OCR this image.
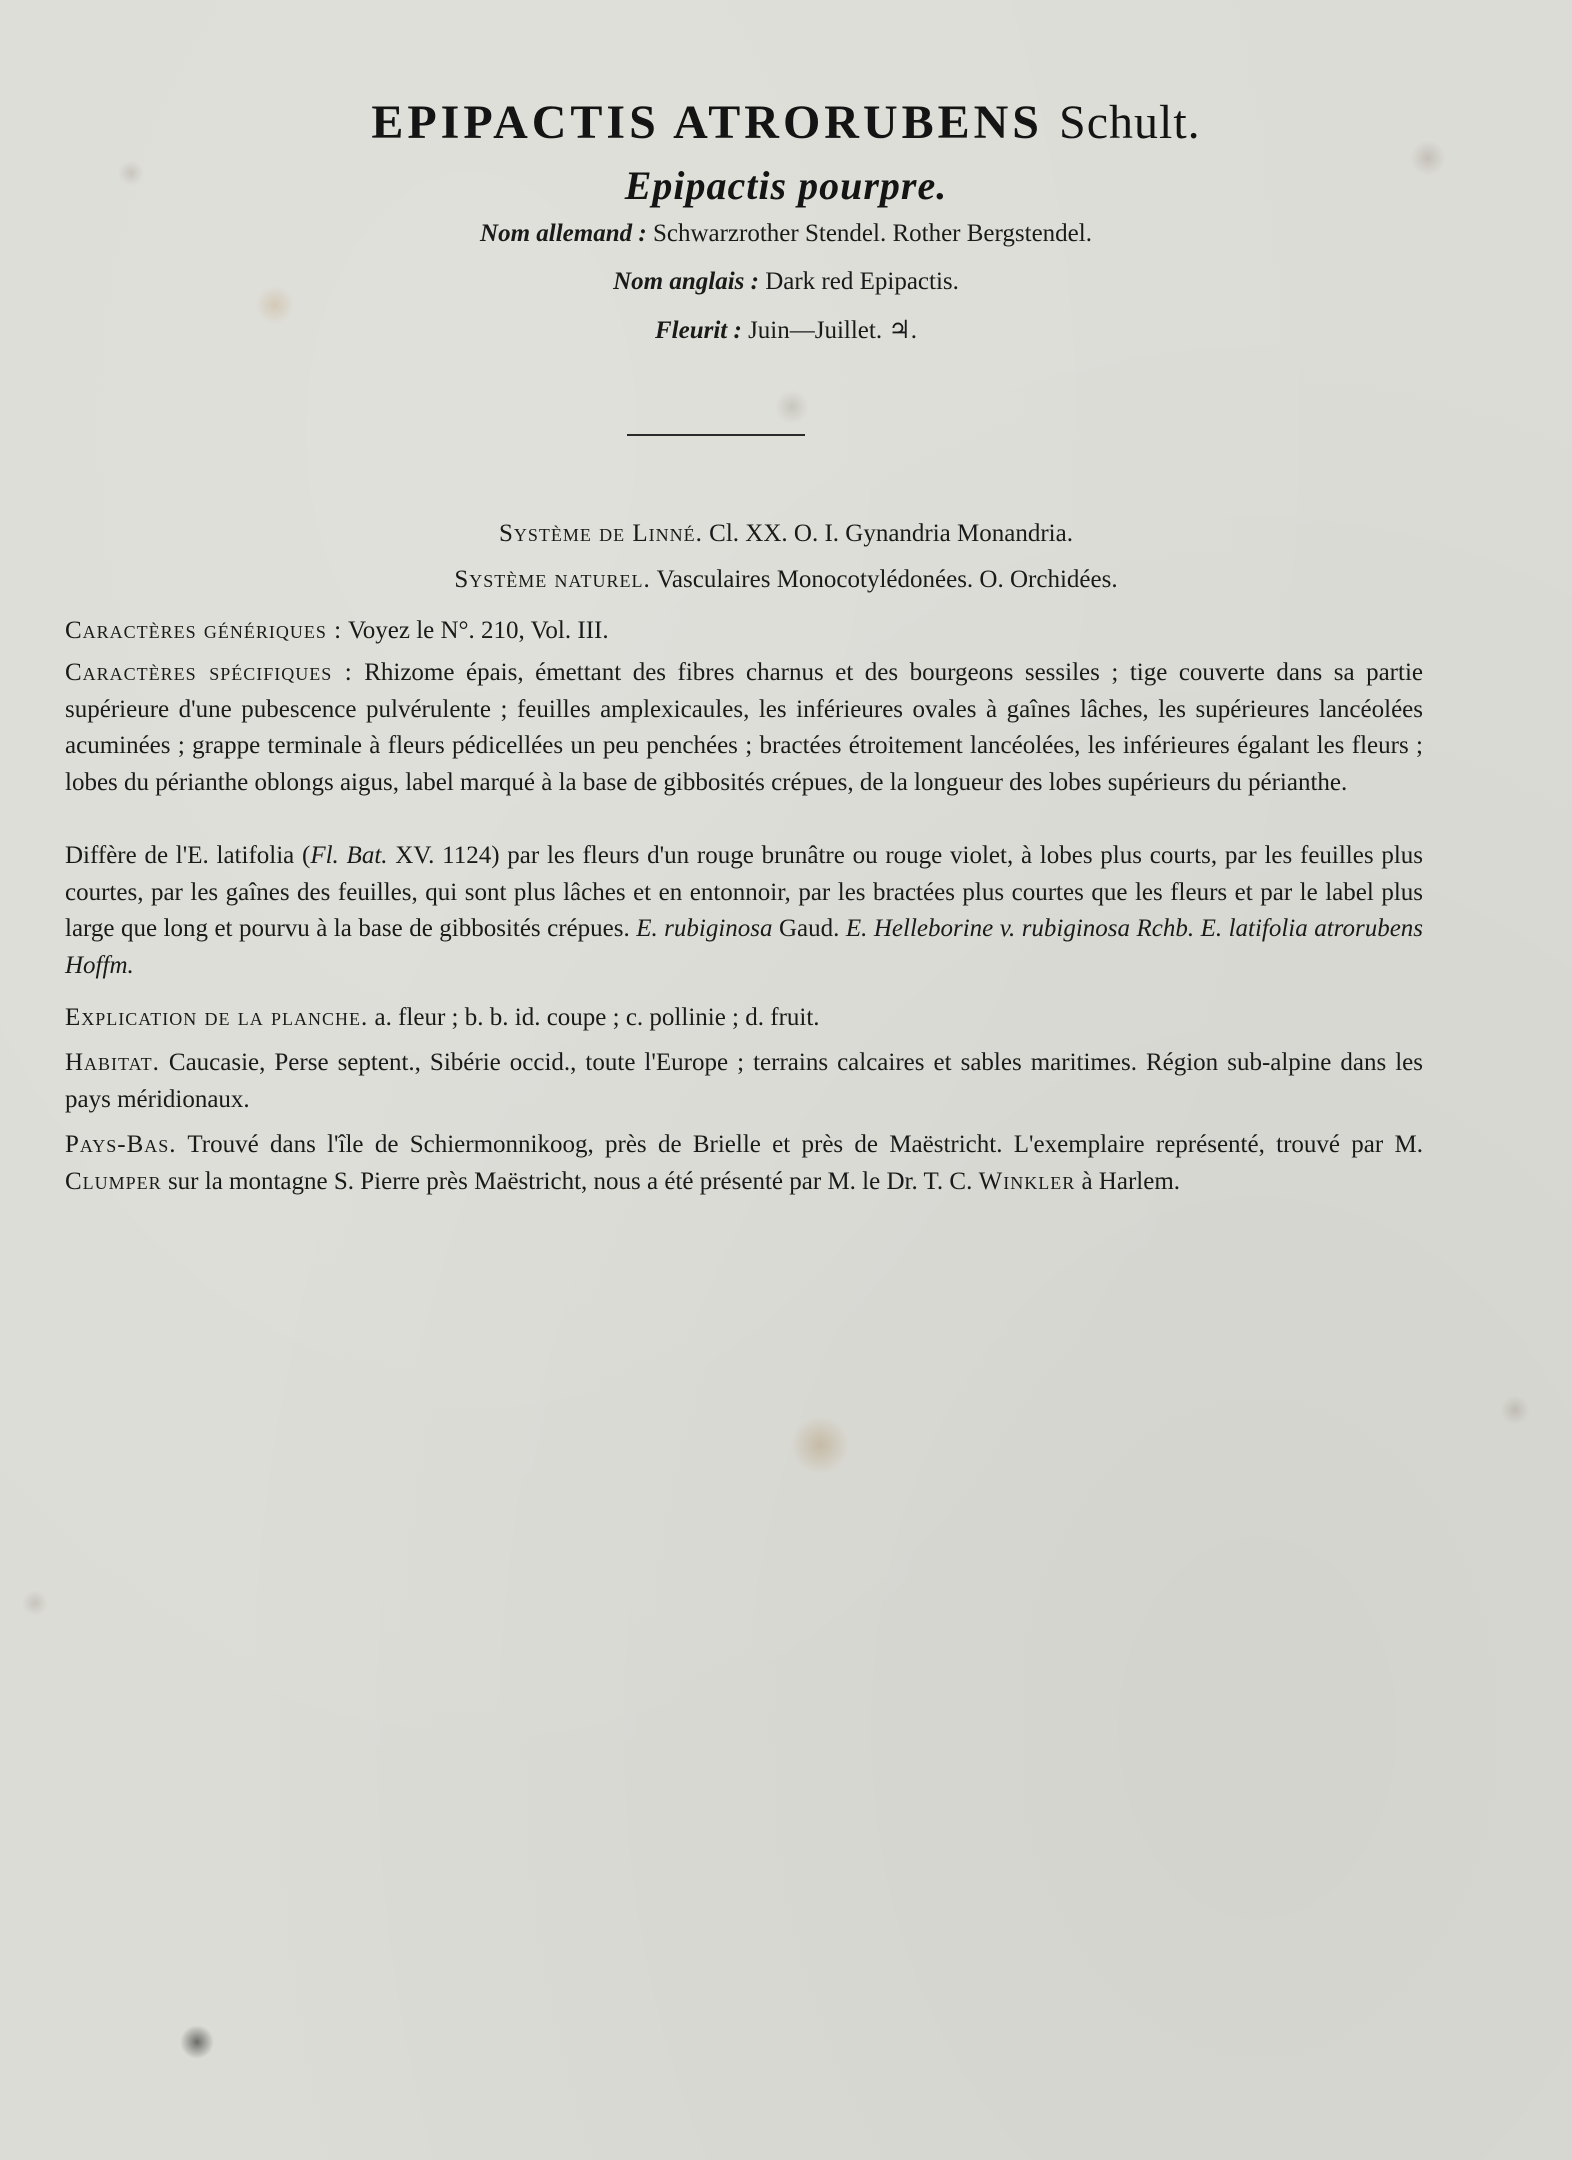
EPIPACTIS ATRORUBENS Schult.
Epipactis pourpre.
Nom allemand : Schwarzrother Stendel. Rother Bergstendel.
Nom anglais : Dark red Epipactis.
Fleurit : Juin—Juillet. ♃.
Système de Linné. Cl. XX. O. I. Gynandria Monandria.
Système naturel. Vasculaires Monocotylédonées. O. Orchidées.

Caractères génériques : Voyez le N°. 210, Vol. III.

Caractères spécifiques : Rhizome épais, émettant des fibres charnus et des bourgeons sessiles ; tige couverte dans sa partie supérieure d'une pubescence pulvérulente ; feuilles amplexicaules, les inférieures ovales à gaînes lâches, les supérieures lancéolées acuminées ; grappe terminale à fleurs pédicellées un peu penchées ; bractées étroitement lancéolées, les inférieures égalant les fleurs ; lobes du périanthe oblongs aigus, label marqué à la base de gibbosités crépues, de la longueur des lobes supérieurs du périanthe.

Diffère de l'E. latifolia (Fl. Bat. XV. 1124) par les fleurs d'un rouge brunâtre ou rouge violet, à lobes plus courts, par les feuilles plus courtes, par les gaînes des feuilles, qui sont plus lâches et en entonnoir, par les bractées plus courtes que les fleurs et par le label plus large que long et pourvu à la base de gibbosités crépues. E. rubiginosa Gaud. E. Helleborine v. rubiginosa Rchb. E. latifolia atrorubens Hoffm.

Explication de la planche. a. fleur ; b. b. id. coupe ; c. pollinie ; d. fruit.

Habitat. Caucasie, Perse septent., Sibérie occid., toute l'Europe ; terrains calcaires et sables maritimes. Région sub-alpine dans les pays méridionaux.

Pays-Bas. Trouvé dans l'île de Schiermonnikoog, près de Brielle et près de Maëstricht. L'exemplaire représenté, trouvé par M. Clumper sur la montagne S. Pierre près Maëstricht, nous a été présenté par M. le Dr. T. C. Winkler à Harlem.
